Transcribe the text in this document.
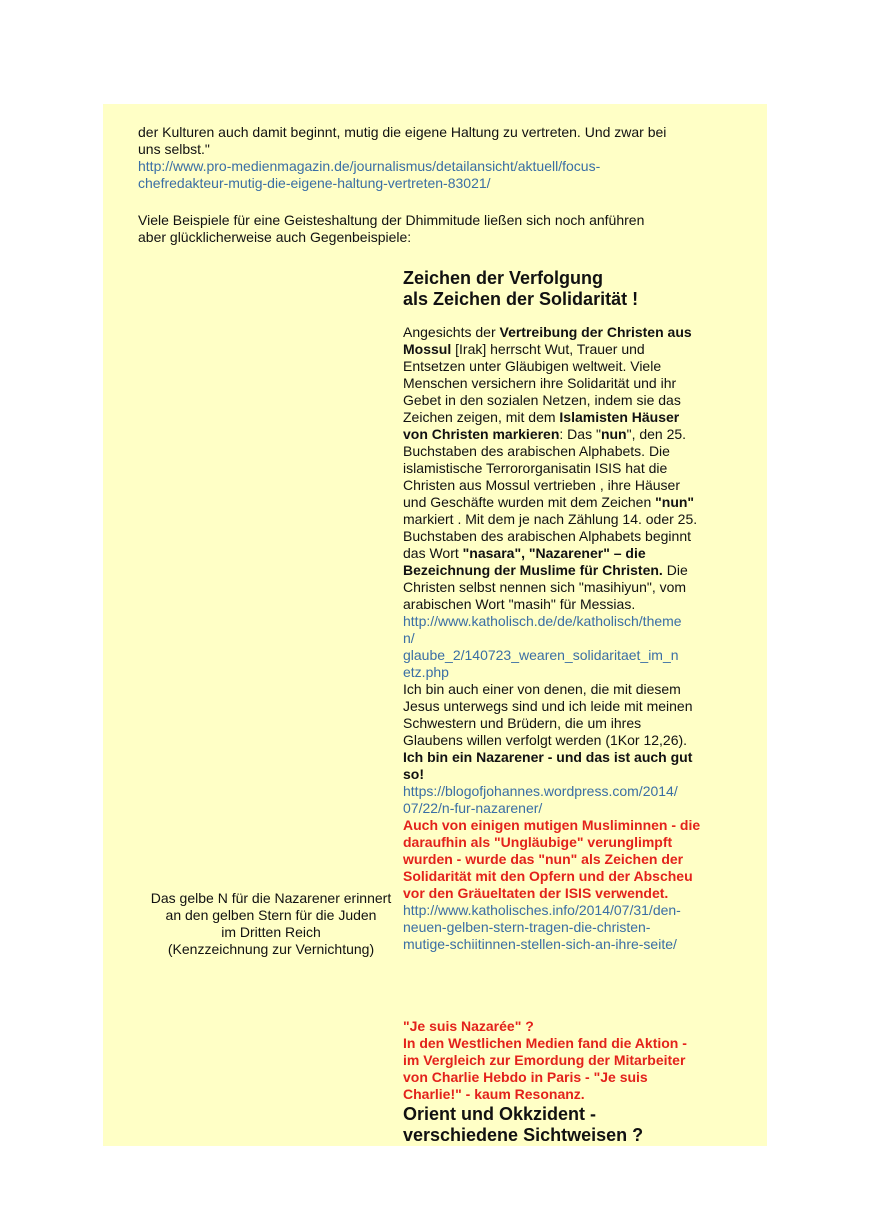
der Kulturen auch damit beginnt, mutig die eigene Haltung zu vertreten. Und zwar bei
uns selbst."
http://www.pro-medienmagazin.de/journalismus/detailansicht/aktuell/focus-
chefredakteur-mutig-die-eigene-haltung-vertreten-83021/
Viele Beispiele für eine Geisteshaltung der Dhimmitude ließen sich noch anführen
aber glücklicherweise auch Gegenbeispiele:
Zeichen der Verfolgung
als Zeichen der Solidarität !
Angesichts der Vertreibung der Christen aus Mossul [Irak] herrscht Wut, Trauer und Entsetzen unter Gläubigen weltweit. Viele Menschen versichern ihre Solidarität und ihr Gebet in den sozialen Netzen, indem sie das Zeichen zeigen, mit dem Islamisten Häuser von Christen markieren: Das "nun", den 25. Buchstaben des arabischen Alphabets. Die islamistische Terrororganisatin ISIS hat die Christen aus Mossul vertrieben , ihre Häuser und Geschäfte wurden mit dem Zeichen "nun" markiert . Mit dem je nach Zählung 14. oder 25. Buchstaben des arabischen Alphabets beginnt das Wort "nasara", "Nazarener" – die Bezeichnung der Muslime für Christen. Die Christen selbst nennen sich "masihiyun", vom arabischen Wort "masih" für Messias.
http://www.katholisch.de/de/katholisch/theme
n/
glaube_2/140723_wearen_solidaritaet_im_n
etz.php
Ich bin auch einer von denen, die mit diesem Jesus unterwegs sind und ich leide mit meinen Schwestern und Brüdern, die um ihres Glaubens willen verfolgt werden (1Kor 12,26).
Ich bin ein Nazarener - und das ist auch gut so!
https://blogofjohannes.wordpress.com/2014/
07/22/n-fur-nazarener/
Auch von einigen mutigen Musliminnen - die daraufhin als "Ungläubige" verunglimpft wurden - wurde das "nun" als Zeichen der Solidarität mit den Opfern und der Abscheu vor den Gräueltaten der ISIS verwendet.
http://www.katholisches.info/2014/07/31/den-
neuen-gelben-stern-tragen-die-christen-
mutige-schiitinnen-stellen-sich-an-ihre-seite/
Das gelbe N für die Nazarener erinnert
an den gelben Stern für die Juden
im Dritten Reich
(Kenzzeichnung zur Vernichtung)
"Je suis Nazarée" ?
In den Westlichen Medien fand die Aktion - im Vergleich zur Emordung der Mitarbeiter von Charlie Hebdo in Paris - "Je suis Charlie!" - kaum Resonanz.
Orient und Okkzident -
verschiedene Sichtweisen ?
